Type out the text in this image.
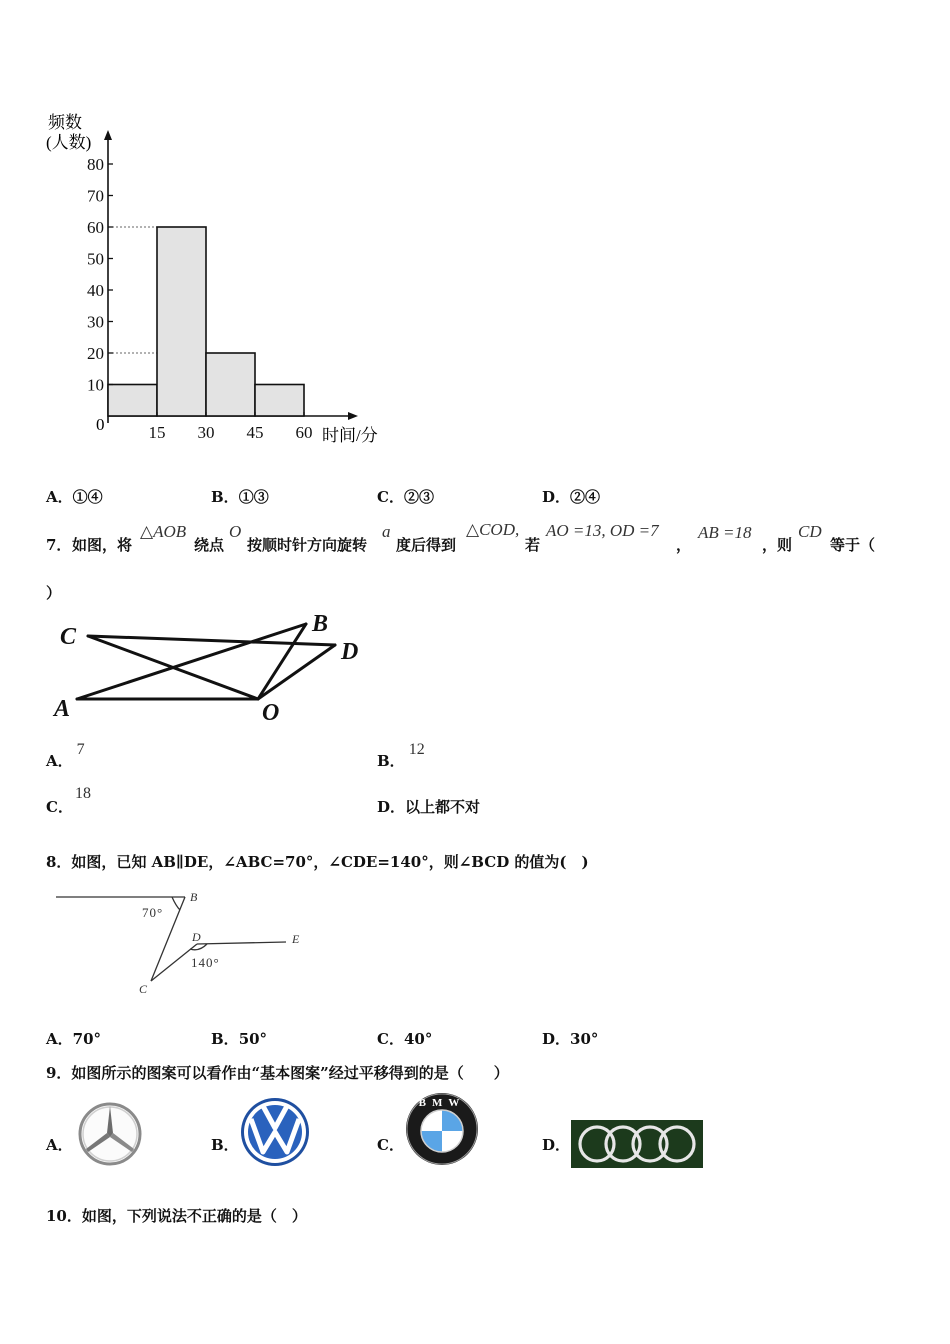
频数
(人数)
0
时间/分
10
20
30
40
50
60
70
80
15 30 45 60
A．①④	B．①③	C．②③	D．②④
7． 如图，将
△AOB
绕点
O
按顺时针方向旋转
a
度后得到
△COD,
若
AO =13, OD =7
，
AB =18
，则
CD
等于（
）
C	B
D
A	O
A．7
B．12
C．18
D．以上都不对
8．如图，已知 AB∥DE，∠ABC=70°，∠CDE=140°，则∠BCD 的值为(　)
B
D	E
C
70°
140°
A．70°	B．50°	C．40°	D．30°
9．如图所示的图案可以看作由“基本图案”经过平移得到的是（　　）
A．	B．	C．
BMW
D．
10．如图，下列说法不正确的是（　）
